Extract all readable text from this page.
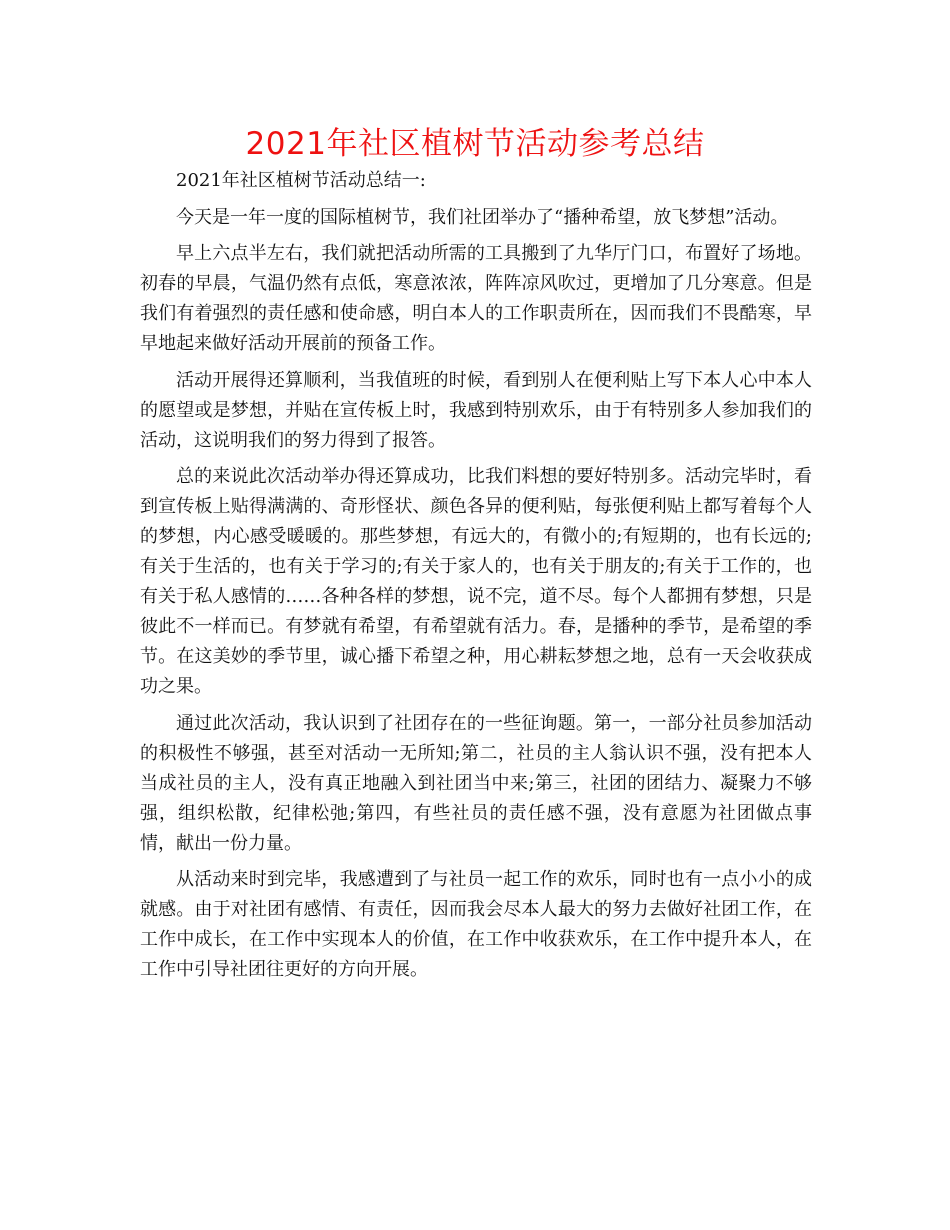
2021年社区植树节活动参考总结

2021年社区植树节活动总结一:

今天是一年一度的国际植树节，我们社团举办了“播种希望，放飞梦想”活动。

早上六点半左右，我们就把活动所需的工具搬到了九华厅门口，布置好了场地。初春的早晨，气温仍然有点低，寒意浓浓，阵阵凉风吹过，更增加了几分寒意。但是我们有着强烈的责任感和使命感，明白本人的工作职责所在，因而我们不畏酷寒，早早地起来做好活动开展前的预备工作。

活动开展得还算顺利，当我值班的时候，看到别人在便利贴上写下本人心中本人的愿望或是梦想，并贴在宣传板上时，我感到特别欢乐，由于有特别多人参加我们的活动，这说明我们的努力得到了报答。

总的来说此次活动举办得还算成功，比我们料想的要好特别多。活动完毕时，看到宣传板上贴得满满的、奇形怪状、颜色各异的便利贴，每张便利贴上都写着每个人的梦想，内心感受暖暖的。那些梦想，有远大的，有微小的;有短期的，也有长远的;有关于生活的，也有关于学习的;有关于家人的，也有关于朋友的;有关于工作的，也有关于私人感情的……各种各样的梦想，说不完，道不尽。每个人都拥有梦想，只是彼此不一样而已。有梦就有希望，有希望就有活力。春，是播种的季节，是希望的季节。在这美妙的季节里，诚心播下希望之种，用心耕耘梦想之地，总有一天会收获成功之果。

通过此次活动，我认识到了社团存在的一些征询题。第一，一部分社员参加活动的积极性不够强，甚至对活动一无所知;第二，社员的主人翁认识不强，没有把本人当成社员的主人，没有真正地融入到社团当中来;第三，社团的团结力、凝聚力不够强，组织松散，纪律松弛;第四，有些社员的责任感不强，没有意愿为社团做点事情，献出一份力量。

从活动来时到完毕，我感遭到了与社员一起工作的欢乐，同时也有一点小小的成就感。由于对社团有感情、有责任，因而我会尽本人最大的努力去做好社团工作，在工作中成长，在工作中实现本人的价值，在工作中收获欢乐，在工作中提升本人，在工作中引导社团往更好的方向开展。
